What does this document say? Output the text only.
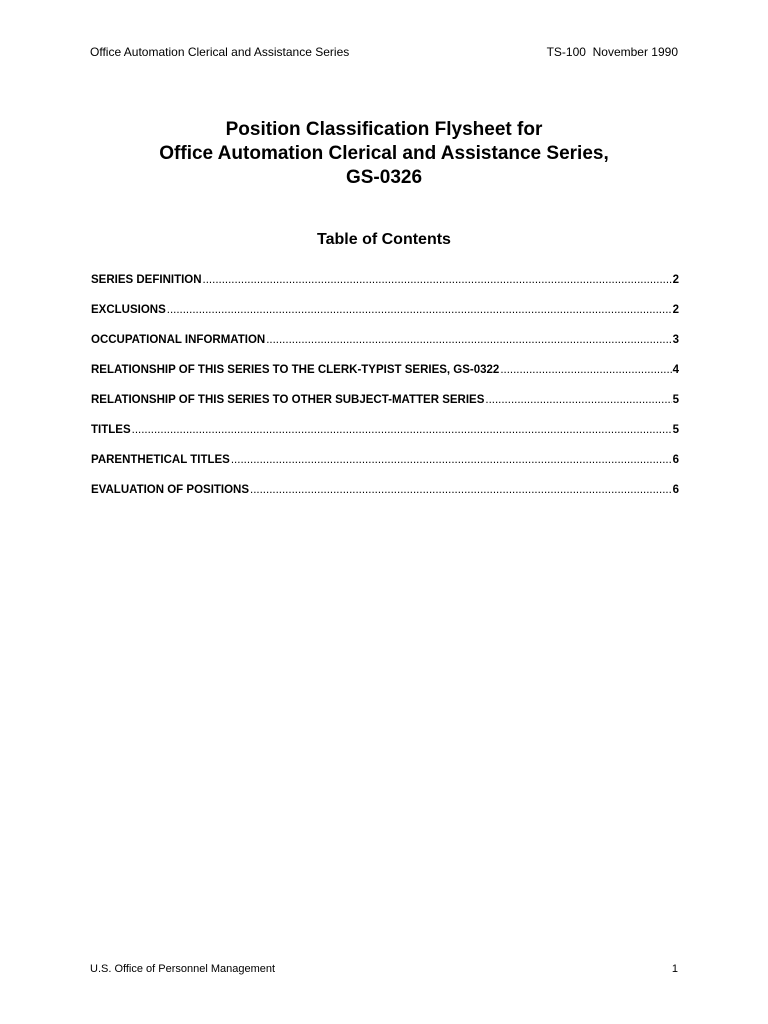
Office Automation Clerical and Assistance Series	TS-100  November 1990
Position Classification Flysheet for
Office Automation Clerical and Assistance Series,
GS-0326
Table of Contents
SERIES DEFINITION .....	2
EXCLUSIONS .....	2
OCCUPATIONAL INFORMATION .....	3
RELATIONSHIP OF THIS SERIES TO THE CLERK-TYPIST SERIES, GS-0322 .....	4
RELATIONSHIP OF THIS SERIES TO OTHER SUBJECT-MATTER SERIES .....	5
TITLES .....	5
PARENTHETICAL TITLES .....	6
EVALUATION OF POSITIONS .....	6
U.S. Office of Personnel Management	1
